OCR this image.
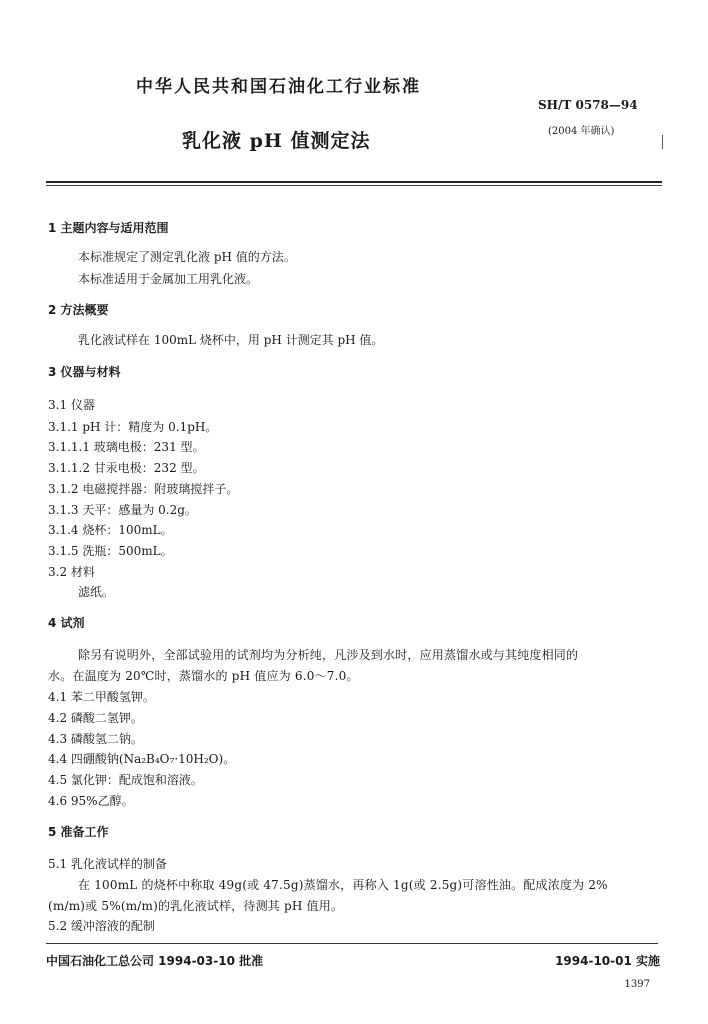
中华人民共和国石油化工行业标准
SH/T 0578—94
(2004 年确认)
乳化液 pH 值测定法
1 主题内容与适用范围
本标准规定了测定乳化液 pH 值的方法。
本标准适用于金属加工用乳化液。
2 方法概要
乳化液试样在 100mL 烧杯中，用 pH 计测定其 pH 值。
3 仪器与材料
3.1 仪器
3.1.1 pH 计：精度为 0.1pH。
3.1.1.1 玻璃电极：231 型。
3.1.1.2 甘汞电极：232 型。
3.1.2 电磁搅拌器：附玻璃搅拌子。
3.1.3 天平：感量为 0.2g。
3.1.4 烧杯：100mL。
3.1.5 洗瓶：500mL。
3.2 材料
滤纸。
4 试剂
除另有说明外，全部试验用的试剂均为分析纯，凡涉及到水时，应用蒸馏水或与其纯度相同的
水。在温度为 20℃时，蒸馏水的 pH 值应为 6.0～7.0。
4.1 苯二甲酸氢钾。
4.2 磷酸二氢钾。
4.3 磷酸氢二钠。
4.4 四硼酸钠(Na₂B₄O₇·10H₂O)。
4.5 氯化钾：配成饱和溶液。
4.6 95%乙醇。
5 准备工作
5.1 乳化液试样的制备
在 100mL 的烧杯中称取 49g(或 47.5g)蒸馏水，再称入 1g(或 2.5g)可溶性油。配成浓度为 2%
(m/m)或 5%(m/m)的乳化液试样，待测其 pH 值用。
5.2 缓冲溶液的配制
中国石油化工总公司 1994-03-10 批准	1994-10-01 实施
1397
